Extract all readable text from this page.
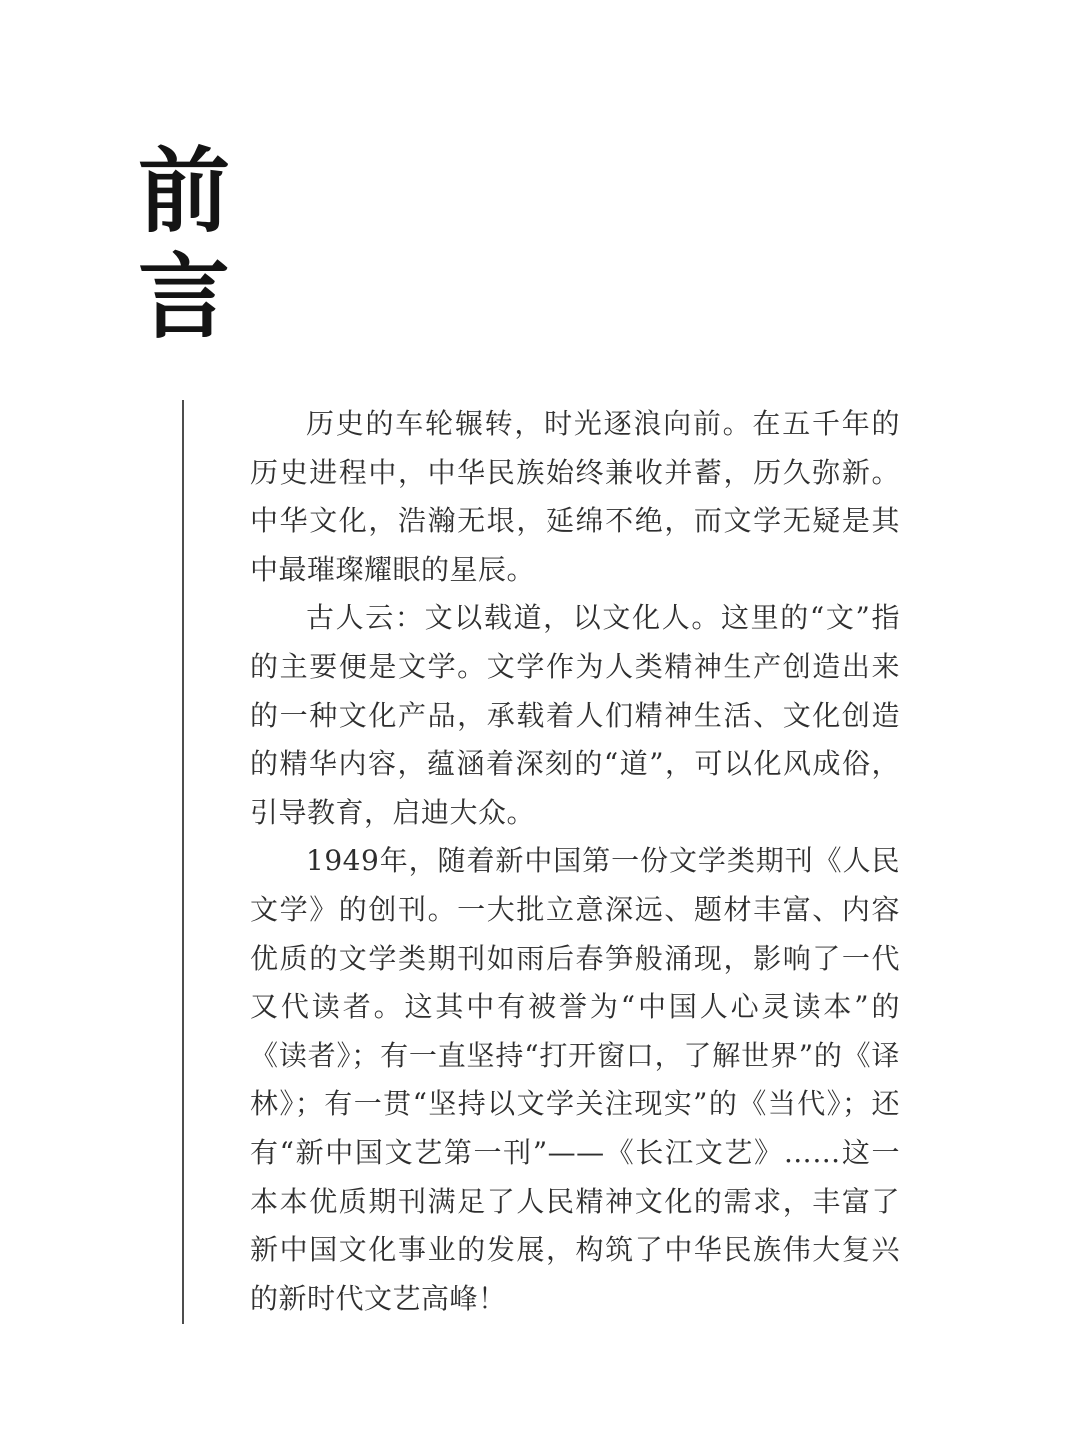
前
言

历史的车轮辗转，时光逐浪向前。在五千年的历史进程中，中华民族始终兼收并蓄，历久弥新。中华文化，浩瀚无垠，延绵不绝，而文学无疑是其中最璀璨耀眼的星辰。

古人云：文以载道，以文化人。这里的“文”指的主要便是文学。文学作为人类精神生产创造出来的一种文化产品，承载着人们精神生活、文化创造的精华内容，蕴涵着深刻的“道”，可以化风成俗，引导教育，启迪大众。

1949年，随着新中国第一份文学类期刊《人民文学》的创刊。一大批立意深远、题材丰富、内容优质的文学类期刊如雨后春笋般涌现，影响了一代又代读者。这其中有被誉为“中国人心灵读本”的《读者》；有一直坚持“打开窗口，了解世界”的《译林》；有一贯“坚持以文学关注现实”的《当代》；还有“新中国文艺第一刊”——《长江文艺》……这一本本优质期刊满足了人民精神文化的需求，丰富了新中国文化事业的发展，构筑了中华民族伟大复兴的新时代文艺高峰！
